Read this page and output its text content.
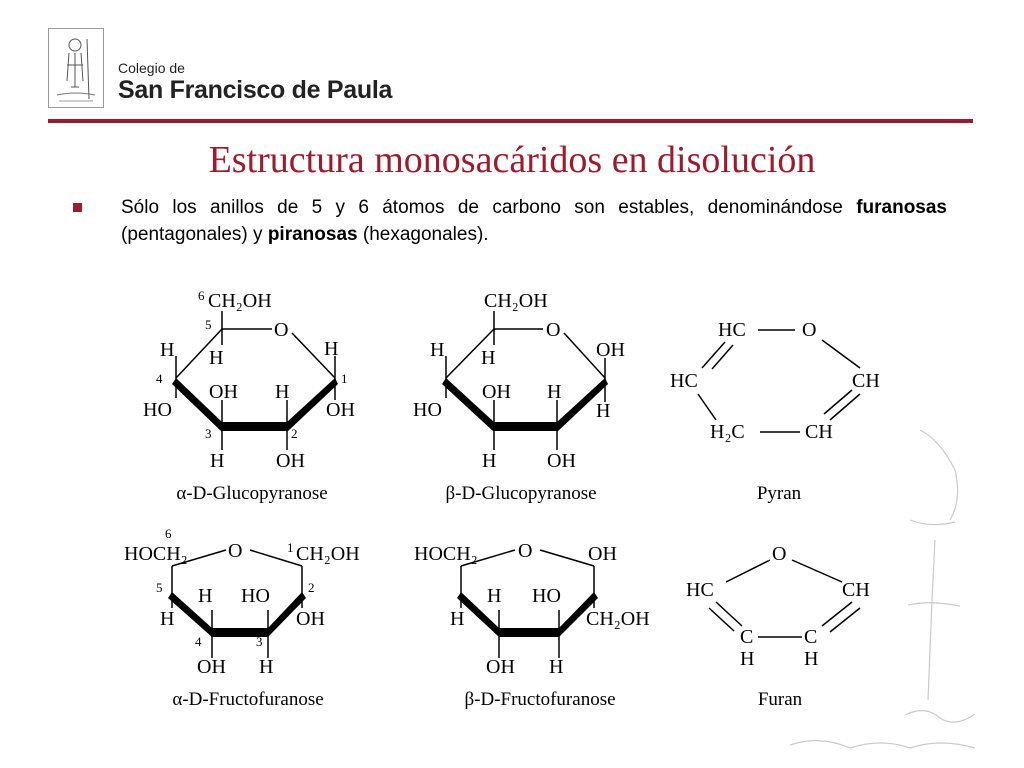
Colegio de
San Francisco de Paula
Estructura monosacáridos en disolución
Sólo los anillos de 5 y 6 átomos de carbono son estables, denominándose furanosas (pentagonales) y piranosas (hexagonales).
6 CH₂OH
5	O
H
H
4
HO
OH
3
H
H
2
OH
H
1
OH
α-D-Glucopyranose
CH₂OH
O
H
H
HO
OH
H
H
OH
OH
H
β-D-Glucopyranose
HC	O
HC	CH
H₂C	CH
Pyran
6
HOCH₂ O	1 CH₂OH
5	2
H	OH
H HO
4	3
OH H
α-D-Fructofuranose
HOCH₂ O	OH
H	CH₂OH
H HO
OH H
β-D-Fructofuranose
O
HC	CH
C	C
H H
Furan
